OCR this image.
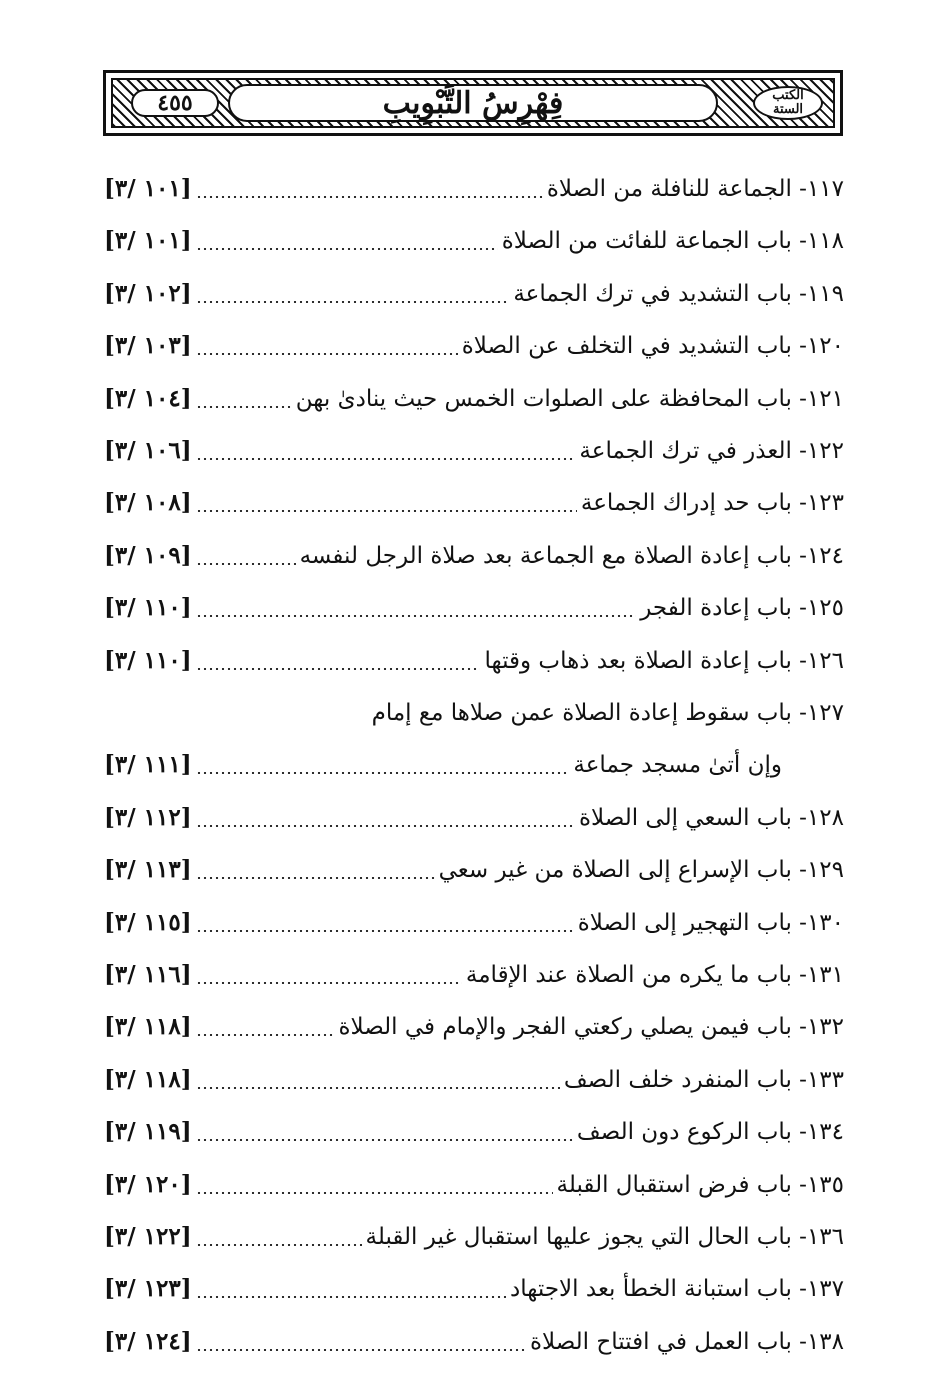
٤٥٥	فِهْرِسُ التَّبْوِيبِ	الكتب الستة
١١٧- الجماعة للنافلة من الصلاة
[١٠١ /٣]
١١٨- باب الجماعة للفائت من الصلاة
[١٠١ /٣]
١١٩- باب التشديد في ترك الجماعة
[١٠٢ /٣]
١٢٠- باب التشديد في التخلف عن الصلاة
[١٠٣ /٣]
١٢١- باب المحافظة على الصلوات الخمس حيث ينادىٰ بهن
[١٠٤ /٣]
١٢٢- العذر في ترك الجماعة
[١٠٦ /٣]
١٢٣- باب حد إدراك الجماعة
[١٠٨ /٣]
١٢٤- باب إعادة الصلاة مع الجماعة بعد صلاة الرجل لنفسه
[١٠٩ /٣]
١٢٥- باب إعادة الفجر
[١١٠ /٣]
١٢٦- باب إعادة الصلاة بعد ذهاب وقتها
[١١٠ /٣]
١٢٧- باب سقوط إعادة الصلاة عمن صلاها مع إمام
وإن أتىٰ مسجد جماعة
[١١١ /٣]
١٢٨- باب السعي إلى الصلاة
[١١٢ /٣]
١٢٩- باب الإسراع إلى الصلاة من غير سعي
[١١٣ /٣]
١٣٠- باب التهجير إلى الصلاة
[١١٥ /٣]
١٣١- باب ما يكره من الصلاة عند الإقامة
[١١٦ /٣]
١٣٢- باب فيمن يصلي ركعتي الفجر والإمام في الصلاة
[١١٨ /٣]
١٣٣- باب المنفرد خلف الصف
[١١٨ /٣]
١٣٤- باب الركوع دون الصف
[١١٩ /٣]
١٣٥- باب فرض استقبال القبلة
[١٢٠ /٣]
١٣٦- باب الحال التي يجوز عليها استقبال غير القبلة
[١٢٢ /٣]
١٣٧- باب استبانة الخطأ بعد الاجتهاد
[١٢٣ /٣]
١٣٨- باب العمل في افتتاح الصلاة
[١٢٤ /٣]
